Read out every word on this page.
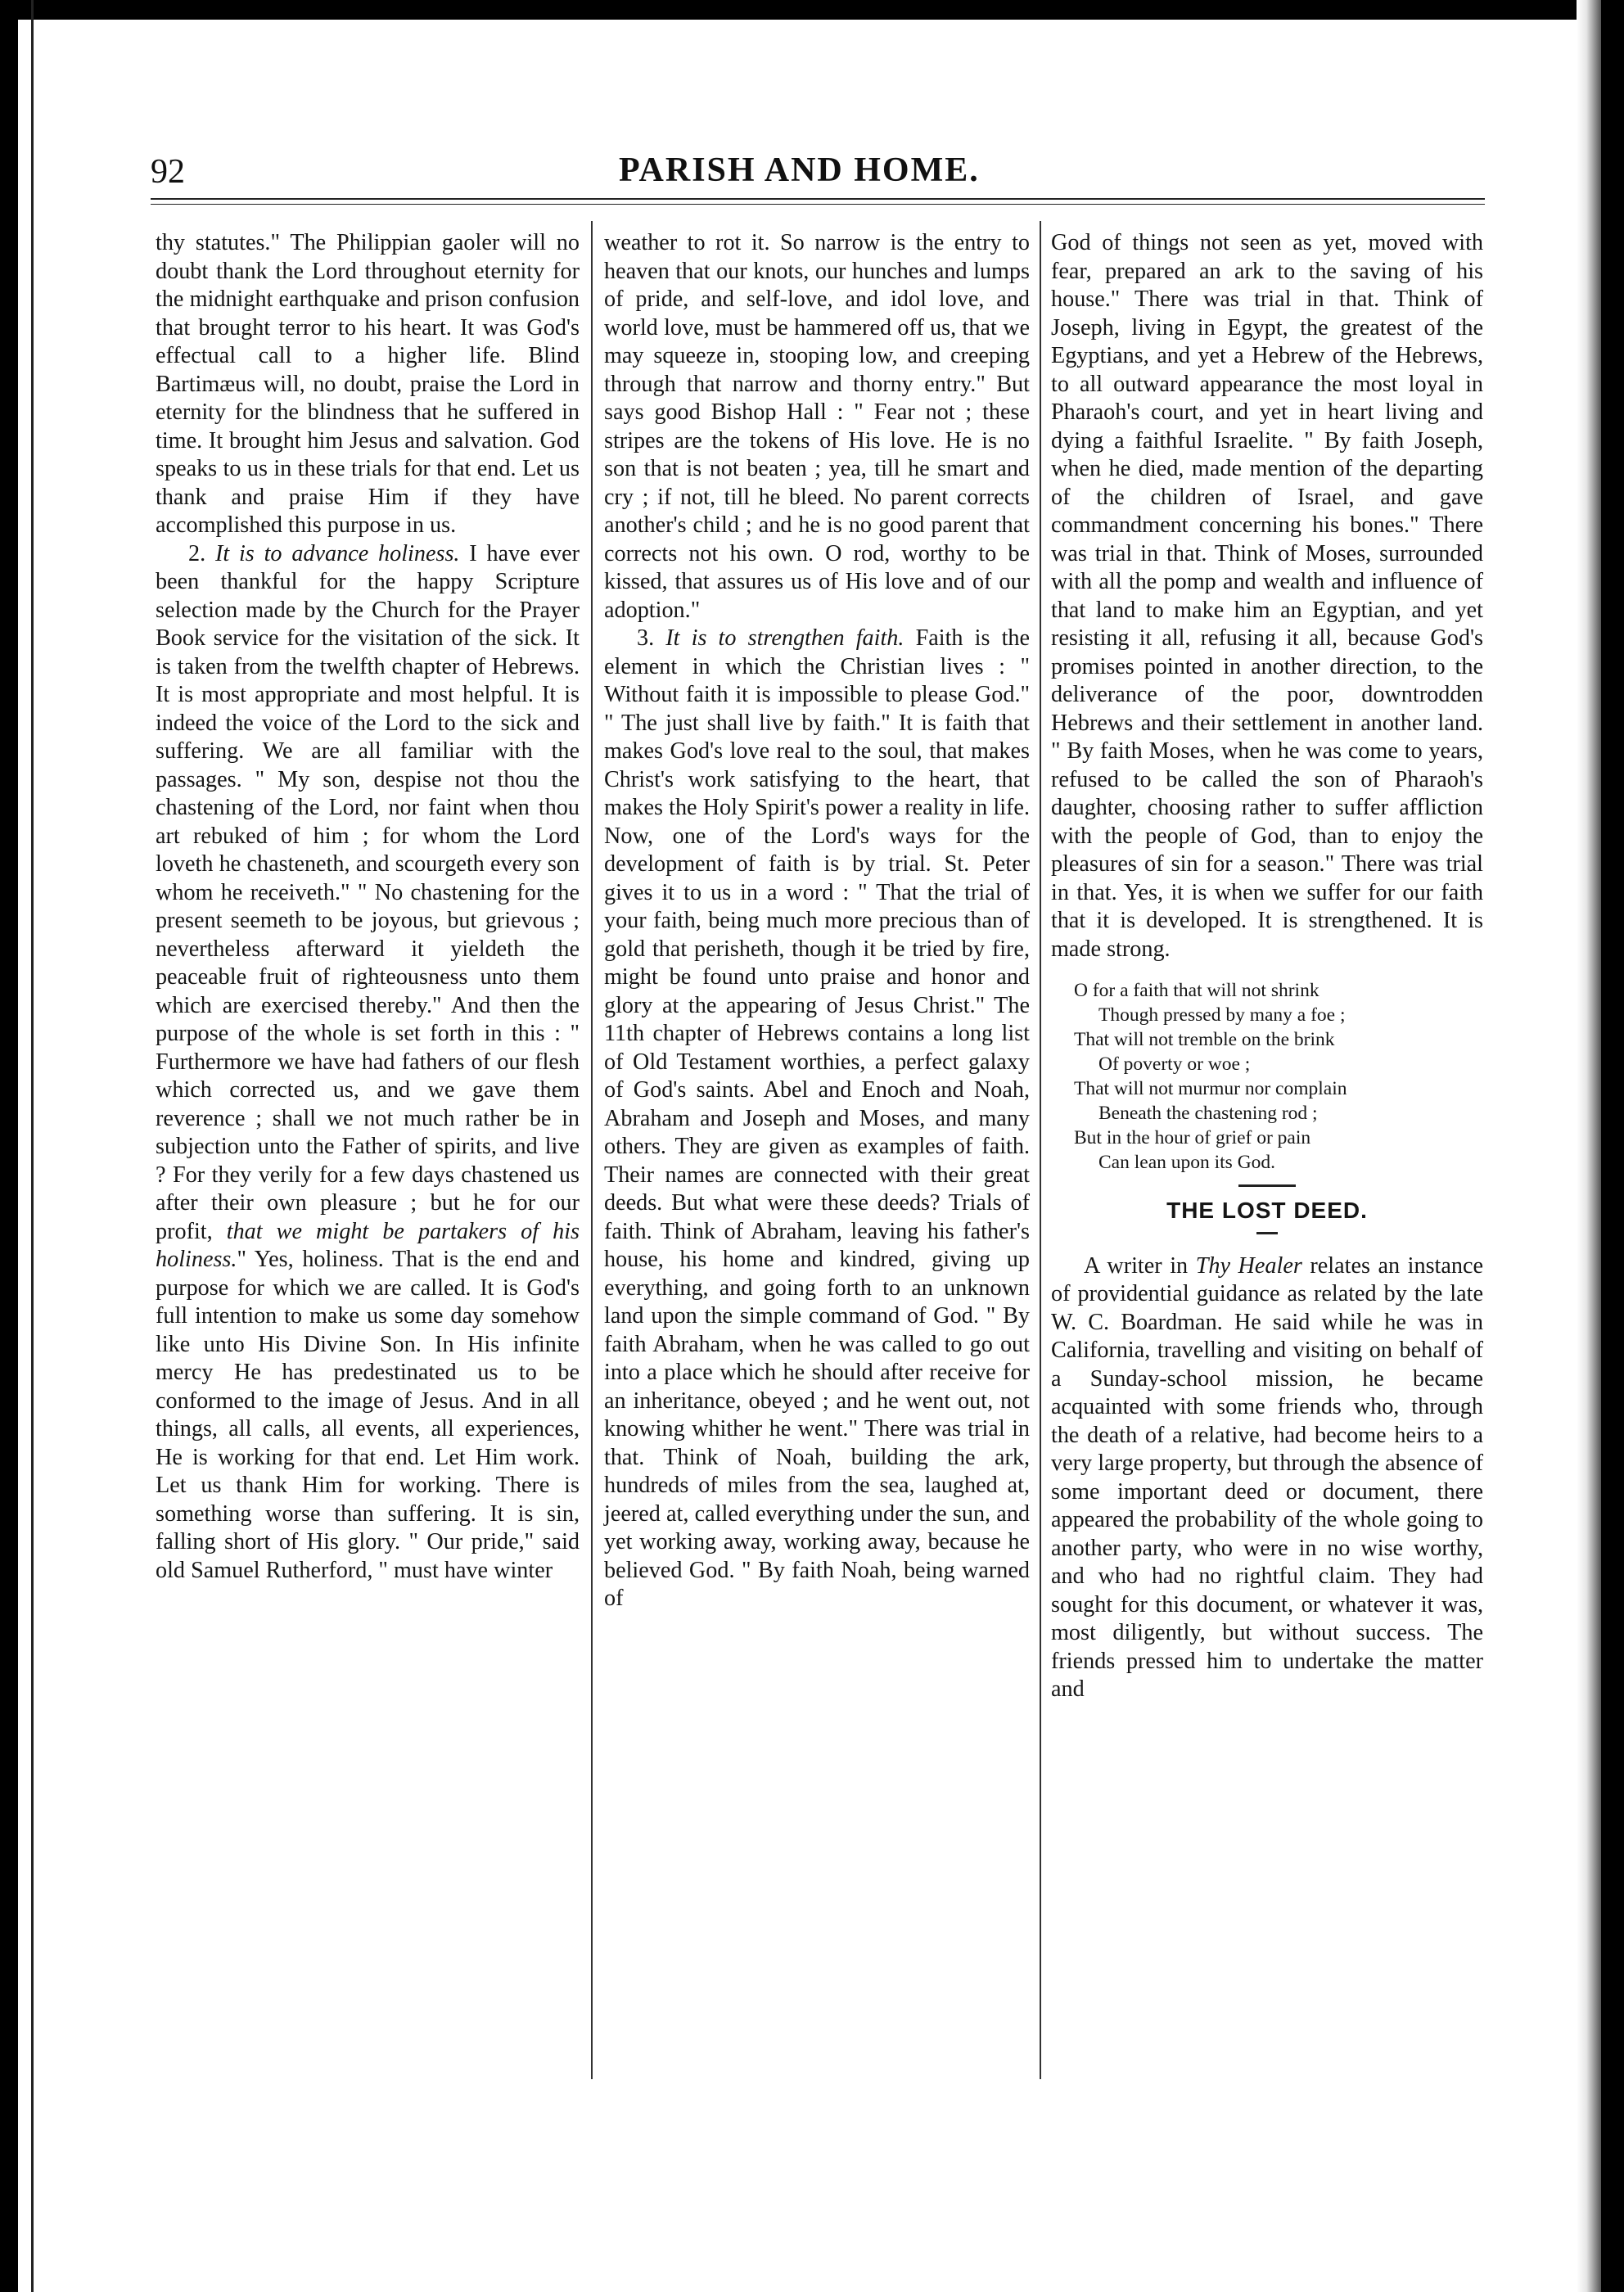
92	PARISH AND HOME.

thy statutes." The Philippian gaoler will no doubt thank the Lord throughout eternity for the midnight earthquake and prison confusion that brought terror to his heart. It was God's effectual call to a higher life. Blind Bartimæus will, no doubt, praise the Lord in eternity for the blindness that he suffered in time. It brought him Jesus and salvation. God speaks to us in these trials for that end. Let us thank and praise Him if they have accomplished this purpose in us.

2. It is to advance holiness. I have ever been thankful for the happy Scripture selection made by the Church for the Prayer Book service for the visitation of the sick. It is taken from the twelfth chapter of Hebrews. It is most appropriate and most helpful. It is indeed the voice of the Lord to the sick and suffering. We are all familiar with the passages. " My son, despise not thou the chastening of the Lord, nor faint when thou art rebuked of him ; for whom the Lord loveth he chasteneth, and scourgeth every son whom he receiveth." " No chastening for the present seemeth to be joyous, but grievous ; nevertheless afterward it yieldeth the peaceable fruit of righteousness unto them which are exercised thereby." And then the purpose of the whole is set forth in this : " Furthermore we have had fathers of our flesh which corrected us, and we gave them reverence ; shall we not much rather be in subjection unto the Father of spirits, and live ? For they verily for a few days chastened us after their own pleasure ; but he for our profit, that we might be partakers of his holiness." Yes, holiness. That is the end and purpose for which we are called. It is God's full intention to make us some day somehow like unto His Divine Son. In His infinite mercy He has predestinated us to be conformed to the image of Jesus. And in all things, all calls, all events, all experiences, He is working for that end. Let Him work. Let us thank Him for working. There is something worse than suffering. It is sin, falling short of His glory. " Our pride," said old Samuel Rutherford, " must have winter

weather to rot it. So narrow is the entry to heaven that our knots, our hunches and lumps of pride, and self-love, and idol love, and world love, must be hammered off us, that we may squeeze in, stooping low, and creeping through that narrow and thorny entry." But says good Bishop Hall : " Fear not ; these stripes are the tokens of His love. He is no son that is not beaten ; yea, till he smart and cry ; if not, till he bleed. No parent corrects another's child ; and he is no good parent that corrects not his own. O rod, worthy to be kissed, that assures us of His love and of our adoption."

3. It is to strengthen faith. Faith is the element in which the Christian lives : " Without faith it is impossible to please God." " The just shall live by faith." It is faith that makes God's love real to the soul, that makes Christ's work satisfying to the heart, that makes the Holy Spirit's power a reality in life. Now, one of the Lord's ways for the development of faith is by trial. St. Peter gives it to us in a word : " That the trial of your faith, being much more precious than of gold that perisheth, though it be tried by fire, might be found unto praise and honor and glory at the appearing of Jesus Christ." The 11th chapter of Hebrews contains a long list of Old Testament worthies, a perfect galaxy of God's saints. Abel and Enoch and Noah, Abraham and Joseph and Moses, and many others. They are given as examples of faith. Their names are connected with their great deeds. But what were these deeds? Trials of faith. Think of Abraham, leaving his father's house, his home and kindred, giving up everything, and going forth to an unknown land upon the simple command of God. " By faith Abraham, when he was called to go out into a place which he should after receive for an inheritance, obeyed ; and he went out, not knowing whither he went." There was trial in that. Think of Noah, building the ark, hundreds of miles from the sea, laughed at, jeered at, called everything under the sun, and yet working away, working away, because he believed God. " By faith Noah, being warned of

God of things not seen as yet, moved with fear, prepared an ark to the saving of his house." There was trial in that. Think of Joseph, living in Egypt, the greatest of the Egyptians, and yet a Hebrew of the Hebrews, to all outward appearance the most loyal in Pharaoh's court, and yet in heart living and dying a faithful Israelite. " By faith Joseph, when he died, made mention of the departing of the children of Israel, and gave commandment concerning his bones." There was trial in that. Think of Moses, surrounded with all the pomp and wealth and influence of that land to make him an Egyptian, and yet resisting it all, refusing it all, because God's promises pointed in another direction, to the deliverance of the poor, downtrodden Hebrews and their settlement in another land. " By faith Moses, when he was come to years, refused to be called the son of Pharaoh's daughter, choosing rather to suffer affliction with the people of God, than to enjoy the pleasures of sin for a season." There was trial in that. Yes, it is when we suffer for our faith that it is developed. It is strengthened. It is made strong.

O for a faith that will not shrink
Though pressed by many a foe ;
That will not tremble on the brink
Of poverty or woe ;
That will not murmur nor complain
Beneath the chastening rod ;
But in the hour of grief or pain
Can lean upon its God.
THE LOST DEED.

A writer in Thy Healer relates an instance of providential guidance as related by the late W. C. Boardman. He said while he was in California, travelling and visiting on behalf of a Sunday-school mission, he became acquainted with some friends who, through the death of a relative, had become heirs to a very large property, but through the absence of some important deed or document, there appeared the probability of the whole going to another party, who were in no wise worthy, and who had no rightful claim. They had sought for this document, or whatever it was, most diligently, but without success. The friends pressed him to undertake the matter and
